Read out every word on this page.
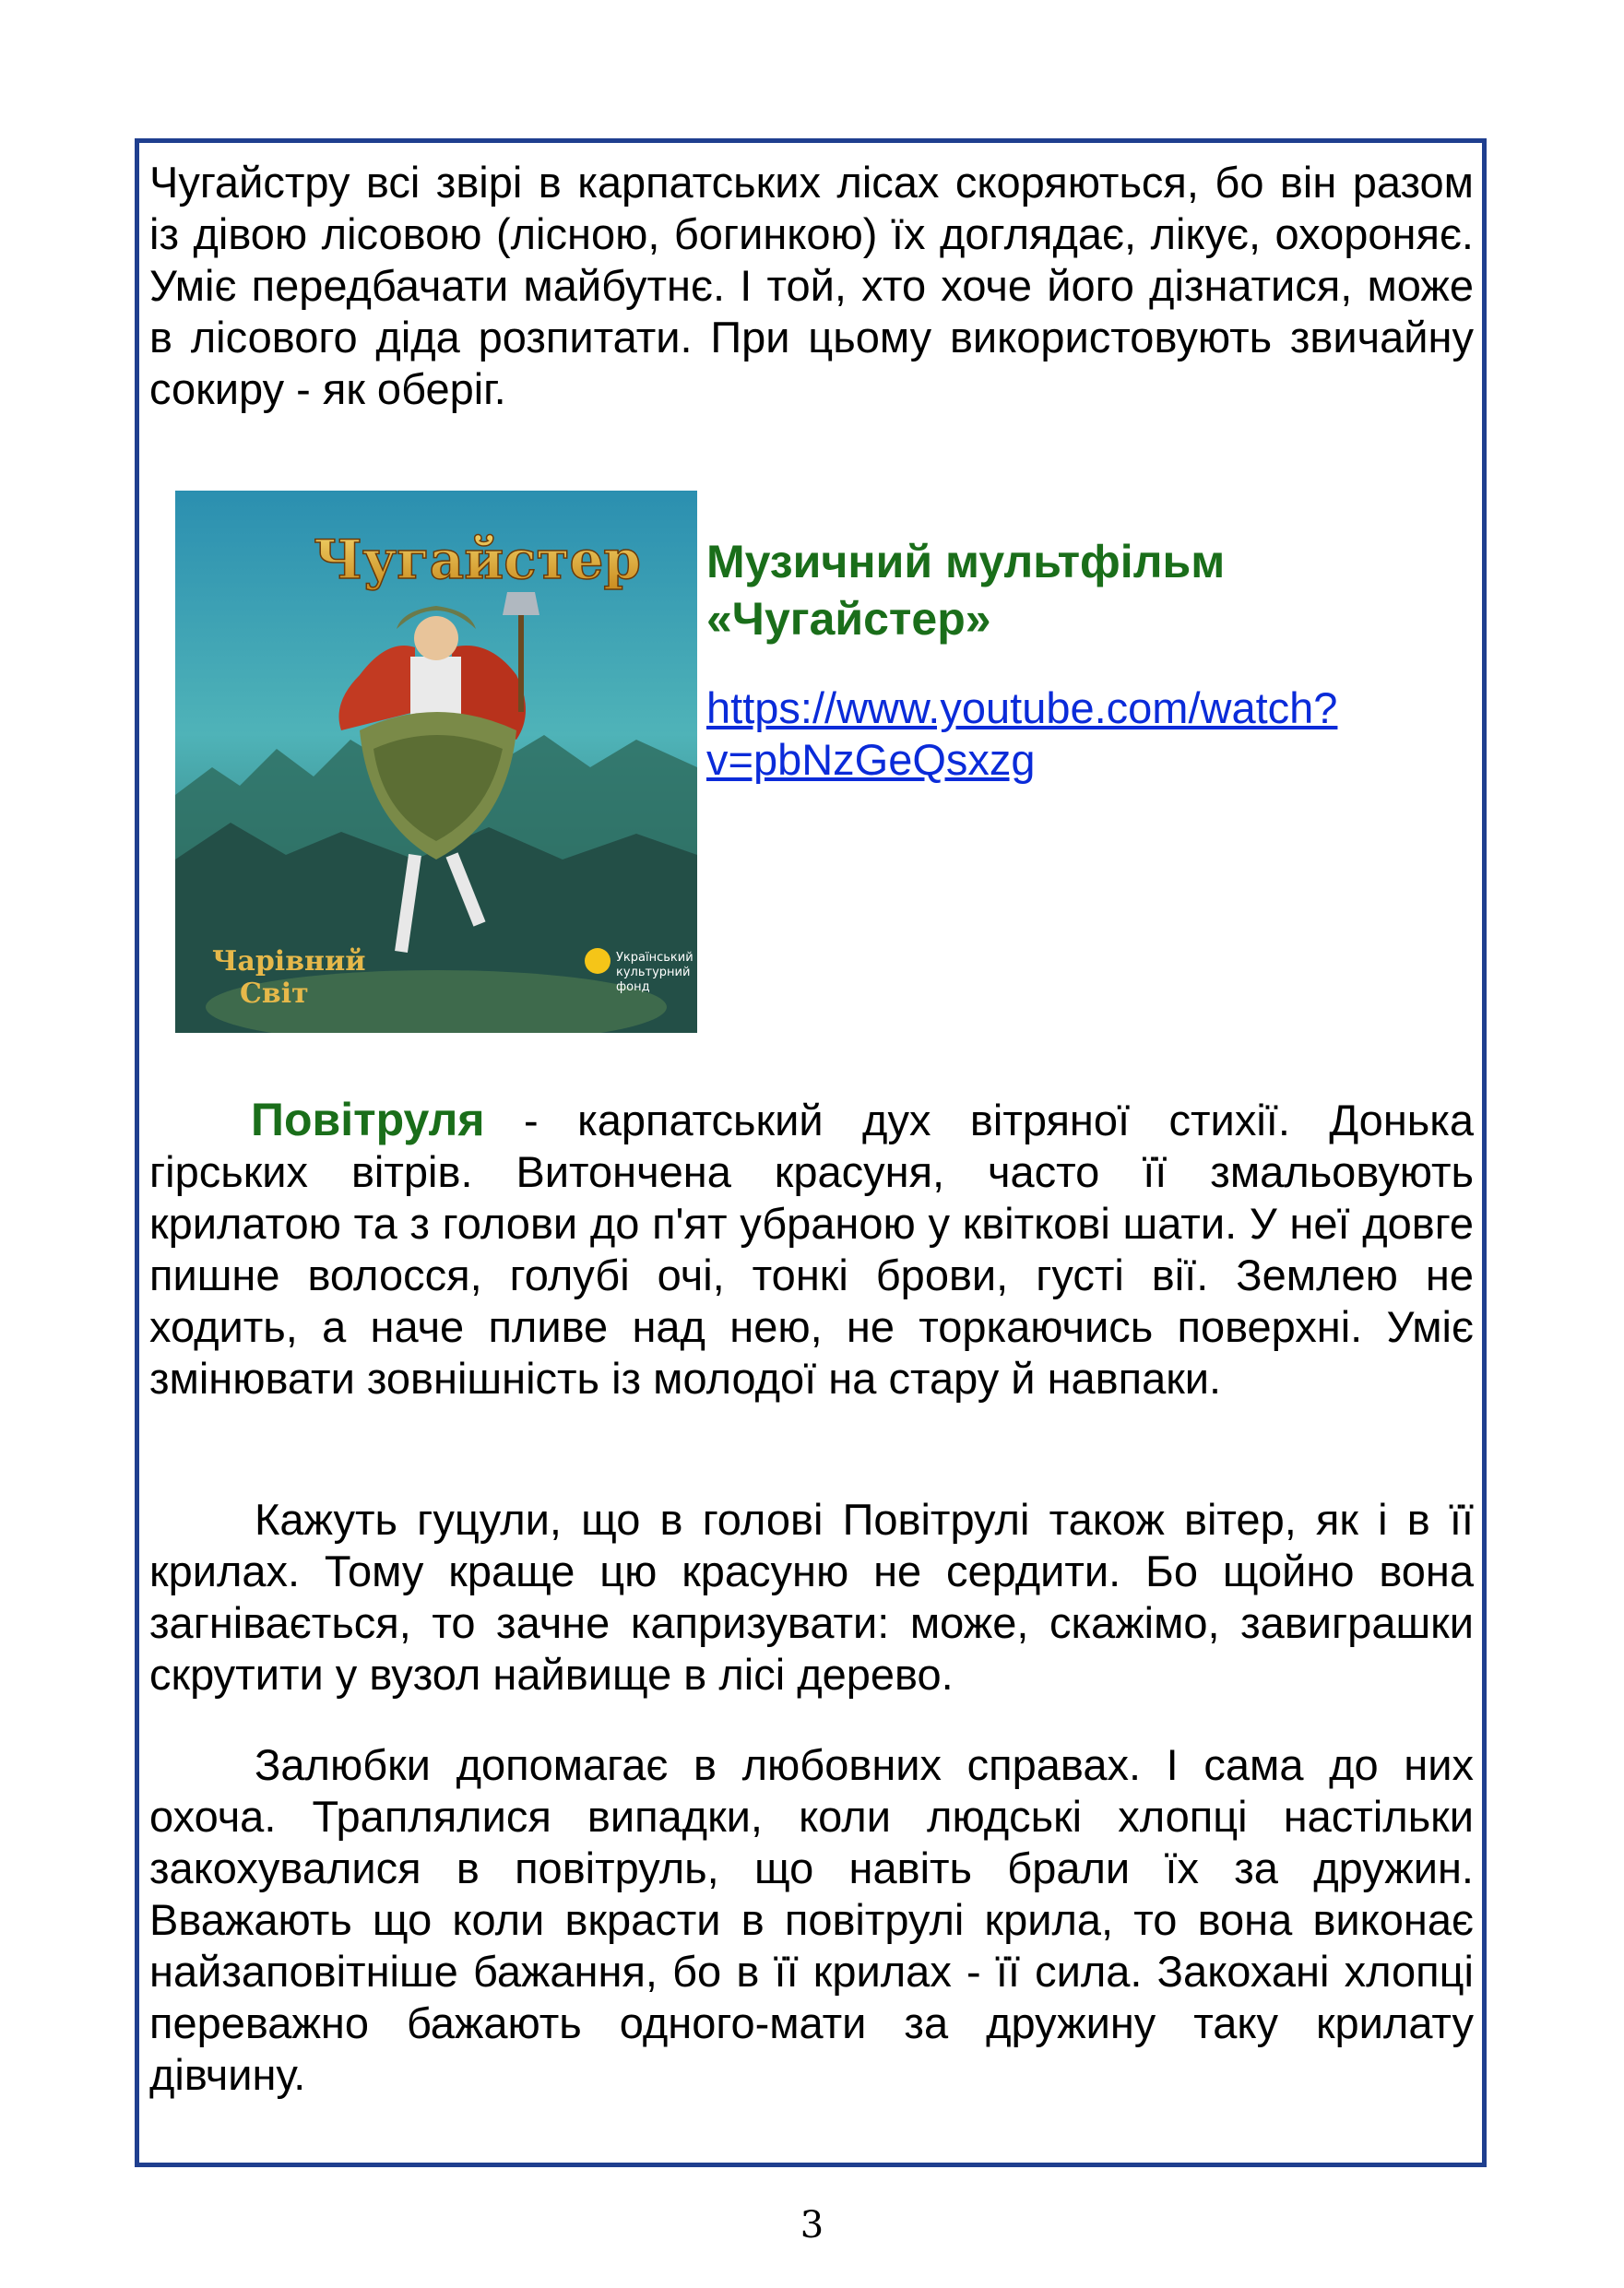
Чугайстру всі звірі в карпатських лісах скоряються, бо він разом із дівою лісовою (лісною, богинкою) їх доглядає, лікує, охороняє. Уміє передбачати майбутнє. І той, хто хоче його дізнатися, може в лісового діда розпитати. При цьому використовують звичайну сокиру - як оберіг.

Чугайстер
Чарівний
Світ
Український
культурний
фонд
Музичний мультфільм
«Чугайстер»
https://www.youtube.com/watch?
v=pbNzGeQsxzg

Повітруля - карпатський дух вітряної стихії. Донька гірських вітрів. Витончена красуня, часто її змальовують крилатою та з голови до п'ят убраною у квіткові шати. У неї довге пишне волосся, голубі очі, тонкі брови, густі вії. Землею не ходить, а наче пливе над нею, не торкаючись поверхні. Уміє змінювати зовнішність із молодої на стару й навпаки.

Кажуть гуцули, що в голові Повітрулі також вітер, як і в її крилах. Тому краще цю красуню не сердити. Бо щойно вона загнівається, то зачне капризувати: може, скажімо, завиграшки скрутити у вузол найвище в лісі дерево.

Залюбки допомагає в любовних справах. І сама до них охоча. Траплялися випадки, коли людські хлопці настільки закохувалися в повітруль, що навіть брали їх за дружин. Вважають що коли вкрасти в повітрулі крила, то вона виконає найзаповітніше бажання, бо в її крилах - її сила. Закохані хлопці переважно бажають одного-мати за дружину таку крилату дівчину.

3
